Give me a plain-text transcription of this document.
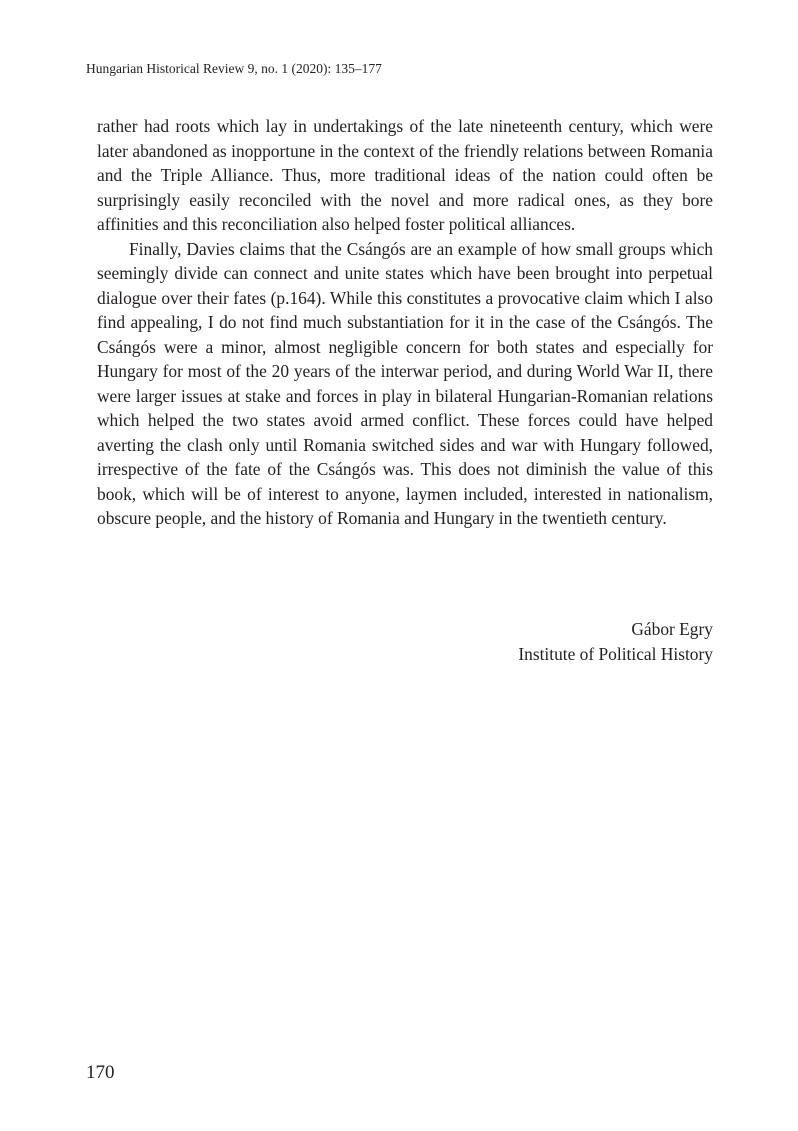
Hungarian Historical Review 9, no. 1 (2020): 135–177

rather had roots which lay in undertakings of the late nineteenth century, which were later abandoned as inopportune in the context of the friendly relations between Romania and the Triple Alliance. Thus, more traditional ideas of the nation could often be surprisingly easily reconciled with the novel and more radical ones, as they bore affinities and this reconciliation also helped foster political alliances.

Finally, Davies claims that the Csángós are an example of how small groups which seemingly divide can connect and unite states which have been brought into perpetual dialogue over their fates (p.164). While this constitutes a provocative claim which I also find appealing, I do not find much substantiation for it in the case of the Csángós. The Csángós were a minor, almost negligible concern for both states and especially for Hungary for most of the 20 years of the interwar period, and during World War II, there were larger issues at stake and forces in play in bilateral Hungarian-Romanian relations which helped the two states avoid armed conflict. These forces could have helped averting the clash only until Romania switched sides and war with Hungary followed, irrespective of the fate of the Csángós was. This does not diminish the value of this book, which will be of interest to anyone, laymen included, interested in nationalism, obscure people, and the history of Romania and Hungary in the twentieth century.

Gábor Egry
Institute of Political History
170
